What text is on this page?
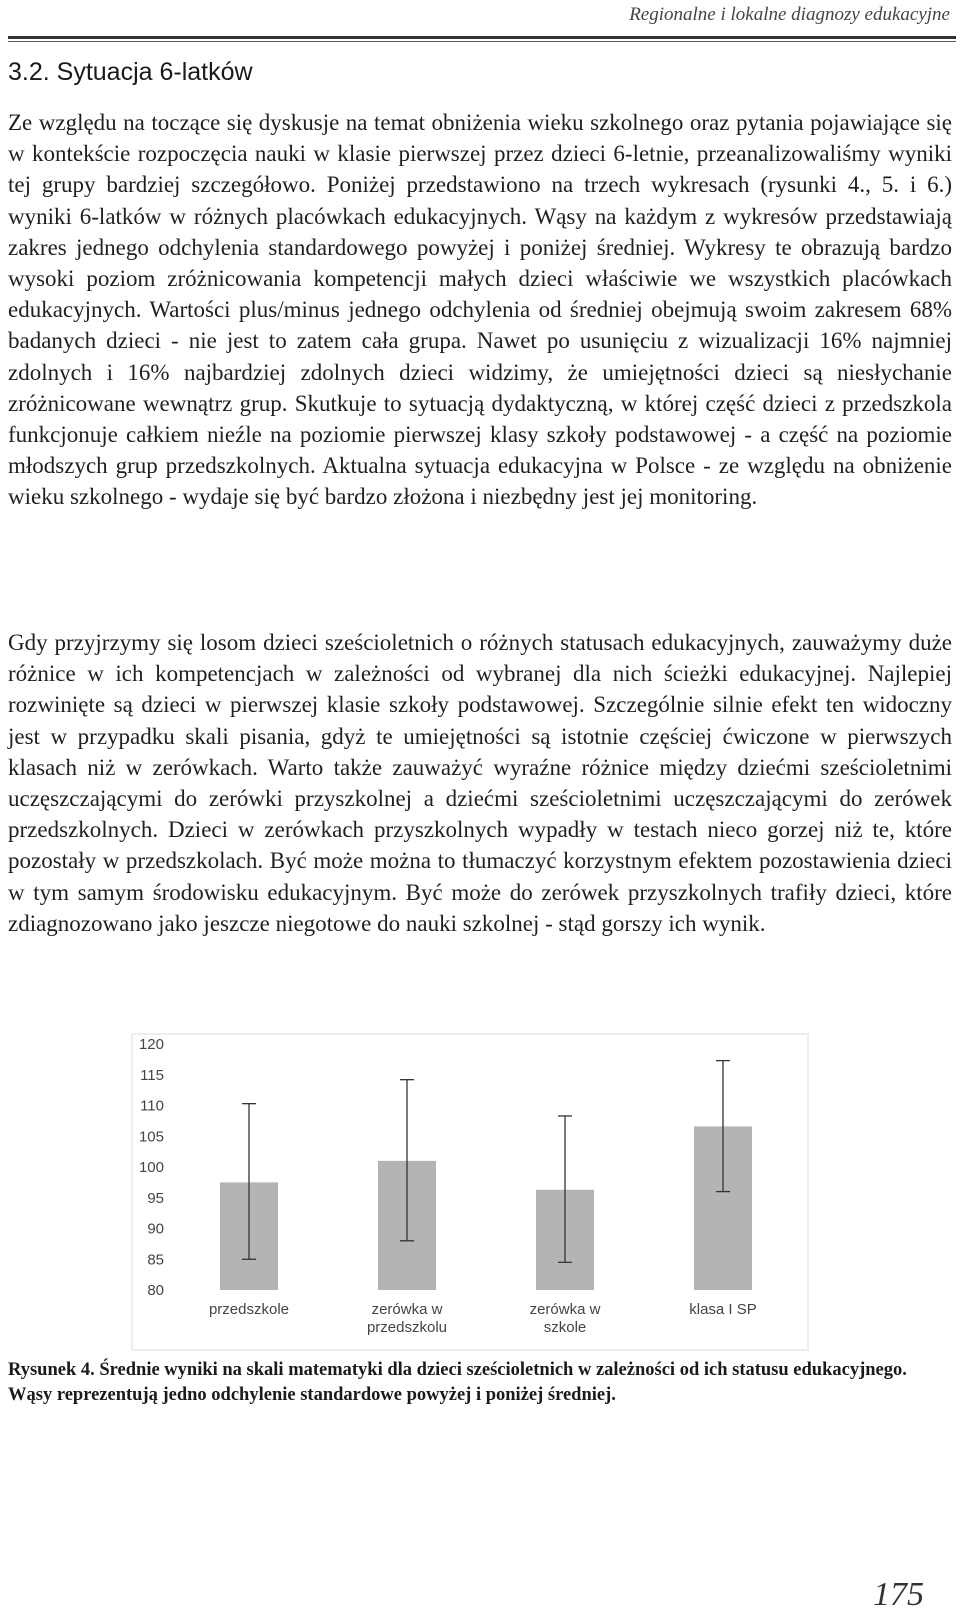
Regionalne i lokalne diagnozy edukacyjne
3.2. Sytuacja 6-latków

Ze względu na toczące się dyskusje na temat obniżenia wieku szkolnego oraz pytania pojawiające się w kontekście rozpoczęcia nauki w klasie pierwszej przez dzieci 6-letnie, przeanalizowaliśmy wyniki tej grupy bardziej szczegółowo. Poniżej przedstawiono na trzech wykresach (rysunki 4., 5. i 6.) wyniki 6-latków w różnych placówkach edukacyjnych. Wąsy na każdym z wykresów przedstawiają zakres jednego odchylenia standardowego powyżej i poniżej średniej. Wykresy te obrazują bardzo wysoki poziom zróżnicowania kompetencji małych dzieci właściwie we wszystkich placówkach edukacyjnych. Wartości plus/minus jednego odchylenia od średniej obejmują swoim zakresem 68% badanych dzieci - nie jest to zatem cała grupa. Nawet po usunięciu z wizualizacji 16% najmniej zdolnych i 16% najbardziej zdolnych dzieci widzimy, że umiejętności dzieci są niesłychanie zróżnicowane wewnątrz grup. Skutkuje to sytuacją dydaktyczną, w której część dzieci z przedszkola funkcjonuje całkiem nieźle na poziomie pierwszej klasy szkoły podstawowej - a część na poziomie młodszych grup przedszkolnych. Aktualna sytuacja edukacyjna w Polsce - ze względu na obniżenie wieku szkolnego - wydaje się być bardzo złożona i niezbędny jest jej monitoring.

Gdy przyjrzymy się losom dzieci sześcioletnich o różnych statusach edukacyjnych, zauważymy duże różnice w ich kompetencjach w zależności od wybranej dla nich ścieżki edukacyjnej. Najlepiej rozwinięte są dzieci w pierwszej klasie szkoły podstawowej. Szczególnie silnie efekt ten widoczny jest w przypadku skali pisania, gdyż te umiejętności są istotnie częściej ćwiczone w pierwszych klasach niż w zerówkach. Warto także zauważyć wyraźne różnice między dziećmi sześcioletnimi uczęszczającymi do zerówki przyszkolnej a dziećmi sześcioletnimi uczęszczającymi do zerówek przedszkolnych. Dzieci w zerówkach przyszkolnych wypadły w testach nieco gorzej niż te, które pozostały w przedszkolach. Być może można to tłumaczyć korzystnym efektem pozostawienia dzieci w tym samym środowisku edukacyjnym. Być może do zerówek przyszkolnych trafiły dzieci, które zdiagnozowano jako jeszcze niegotowe do nauki szkolnej - stąd gorszy ich wynik.

80
85
90
95
100
105
110
115
120
przedszkole	zerówka w
przedszkolu
zerówka w
szkole
klasa I SP

Rysunek 4. Średnie wyniki na skali matematyki dla dzieci sześcioletnich w zależności od ich statusu edukacyjnego. Wąsy reprezentują jedno odchylenie standardowe powyżej i poniżej średniej.

175
